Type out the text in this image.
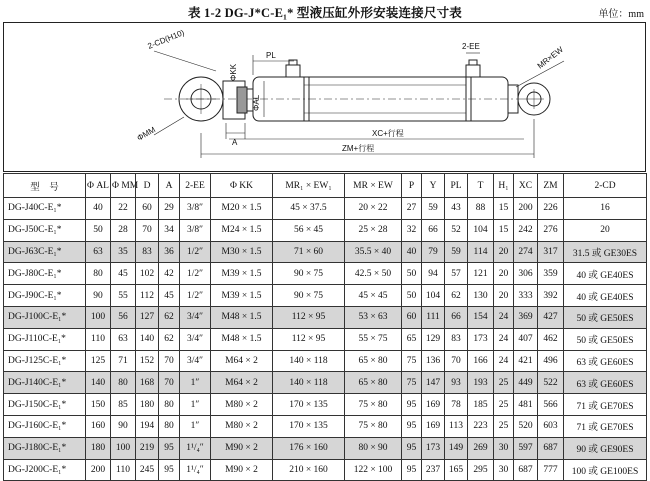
表 1-2 DG-J*C-E₁* 型液压缸外形安装连接尺寸表	单位：mm
2-CD(H10)
PL
2-EE
ΦKK
MR×EW
A
ΦAL
ΦMM	XC+行程
ZM+行程
型　号	Φ AL	Φ MM	D	A	2-EE	Φ KK	MR₁ × EW₁	MR × EW	P	Y	PL	T	H₁	XC	ZM	2-CD
DG-J40C-E₁*	40	22	60	29	3/8″	M20 × 1.5	45 × 37.5	20 × 22	27	59	43	88	15	200	226	16
DG-J50C-E₁*	50	28	70	34	3/8″	M24 × 1.5	56 × 45	25 × 28	32	66	52	104	15	242	276	20
DG-J63C-E₁*	63	35	83	36	1/2″	M30 × 1.5	71 × 60	35.5 × 40	40	79	59	114	20	274	317	31.5 或 GE30ES
DG-J80C-E₁*	80	45	102	42	1/2″	M39 × 1.5	90 × 75	42.5 × 50	50	94	57	121	20	306	359	40 或 GE40ES
DG-J90C-E₁*	90	55	112	45	1/2″	M39 × 1.5	90 × 75	45 × 45	50	104	62	130	20	333	392	40 或 GE40ES
DG-J100C-E₁*	100	56	127	62	3/4″	M48 × 1.5	112 × 95	53 × 63	60	111	66	154	24	369	427	50 或 GE50ES
DG-J110C-E₁*	110	63	140	62	3/4″	M48 × 1.5	112 × 95	55 × 75	65	129	83	173	24	407	462	50 或 GE50ES
DG-J125C-E₁*	125	71	152	70	3/4″	M64 × 2	140 × 118	65 × 80	75	136	70	166	24	421	496	63 或 GE60ES
DG-J140C-E₁*	140	80	168	70	1″	M64 × 2	140 × 118	65 × 80	75	147	93	193	25	449	522	63 或 GE60ES
DG-J150C-E₁*	150	85	180	80	1″	M80 × 2	170 × 135	75 × 80	95	169	78	185	25	481	566	71 或 GE70ES
DG-J160C-E₁*	160	90	194	80	1″	M80 × 2	170 × 135	75 × 80	95	169	113	223	25	520	603	71 或 GE70ES
DG-J180C-E₁*	180	100	219	95	1¹/₄″	M90 × 2	176 × 160	80 × 90	95	173	149	269	30	597	687	90 或 GE90ES
DG-J200C-E₁*	200	110	245	95	1¹/₄″	M90 × 2	210 × 160	122 × 100	95	237	165	295	30	687	777	100 或 GE100ES
